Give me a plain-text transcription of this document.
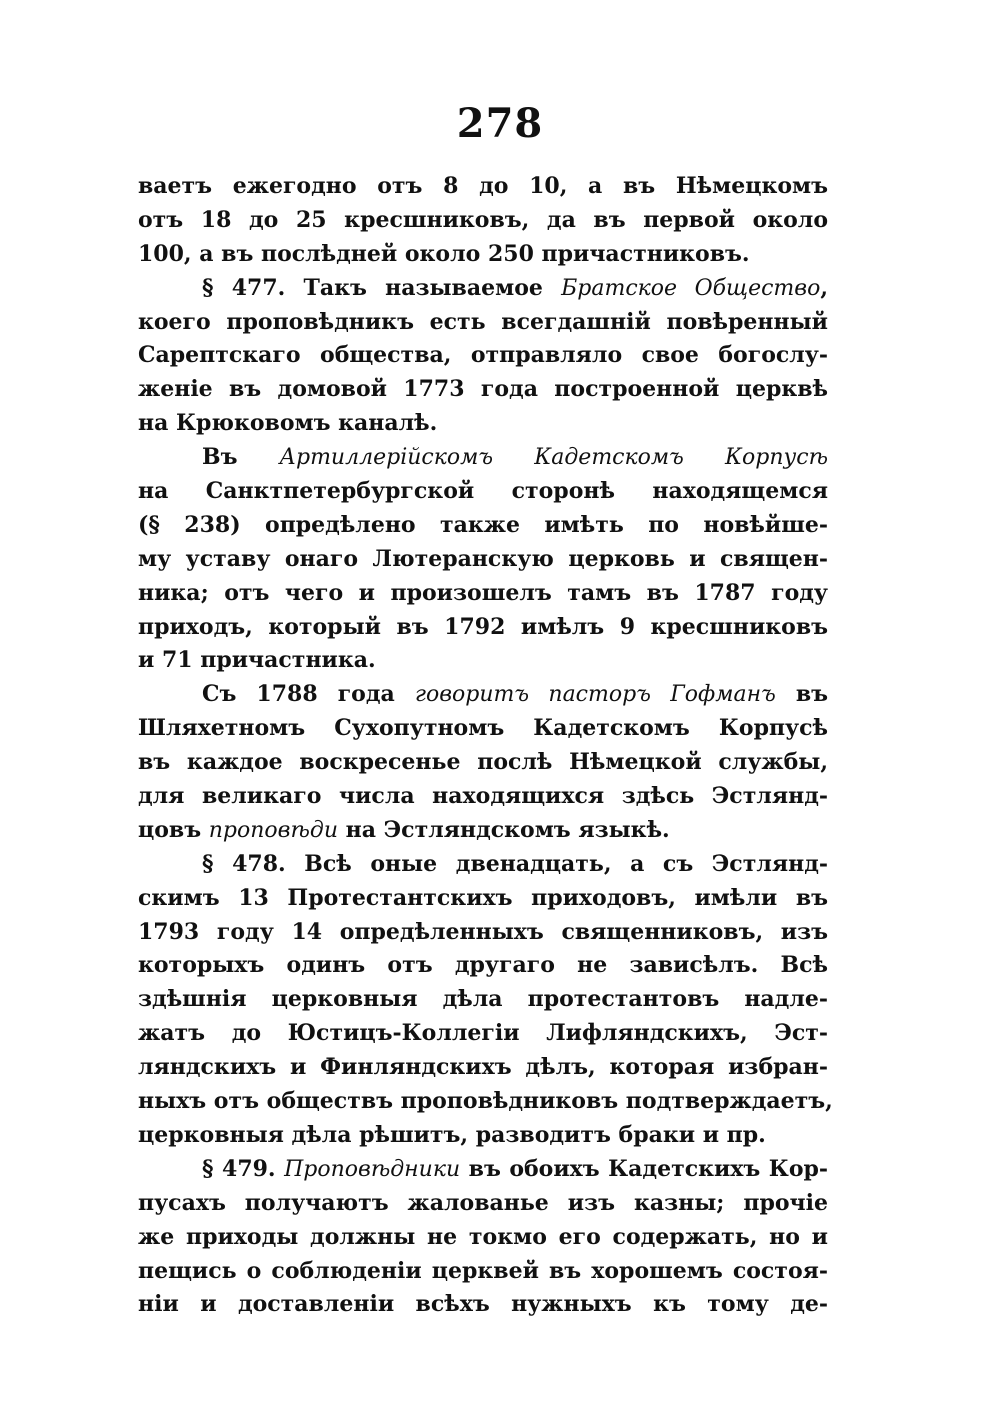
278
ваетъ ежегодно отъ 8 до 10, а въ Нѣмецкомъ
отъ 18 до 25 кресшниковъ, да въ первой около
100, а въ послѣдней около 250 причастниковъ.
§ 477. Такъ называемое Братское Общество,
коего проповѣдникъ есть всегдашній повѣренный
Сарептскаго общества, отправляло свое богослу-
женіе въ домовой 1773 года построенной церквѣ
на Крюковомъ каналѣ.
Въ Артиллерійскомъ Кадетскомъ Корпусѣ
на Санктпетербургской сторонѣ находящемся
(§ 238) опредѣлено также имѣть по новѣйше-
му уставу онаго Лютеранскую церковь и священ-
ника; отъ чего и произошелъ тамъ въ 1787 году
приходъ, который въ 1792 имѣлъ 9 кресшниковъ
и 71 причастника.
Съ 1788 года говоритъ пасторъ Гофманъ въ
Шляхетномъ Сухопутномъ Кадетскомъ Корпусѣ
въ каждое воскресенье послѣ Нѣмецкой службы,
для великаго числа находящихся здѣсь Эстлянд-
цовъ проповѣди на Эстляндскомъ языкѣ.
§ 478. Всѣ оные двенадцать, а съ Эстлянд-
скимъ 13 Протестантскихъ приходовъ, имѣли въ
1793 году 14 опредѣленныхъ священниковъ, изъ
которыхъ одинъ отъ другаго не зависѣлъ. Всѣ
здѣшнія церковныя дѣла протестантовъ надле-
жатъ до Юстицъ-Коллегіи Лифляндскихъ, Эст-
ляндскихъ и Финляндскихъ дѣлъ, которая избран-
ныхъ отъ обществъ проповѣдниковъ подтверждаетъ,
церковныя дѣла рѣшитъ, разводитъ браки и пр.
§ 479. Проповѣдники въ обоихъ Кадетскихъ Кор-
пусахъ получаютъ жалованье изъ казны; прочіе
же приходы должны не токмо его содержать, но и
пещись о соблюденіи церквей въ хорошемъ состоя-
ніи и доставленіи всѣхъ нужныхъ къ тому де-
